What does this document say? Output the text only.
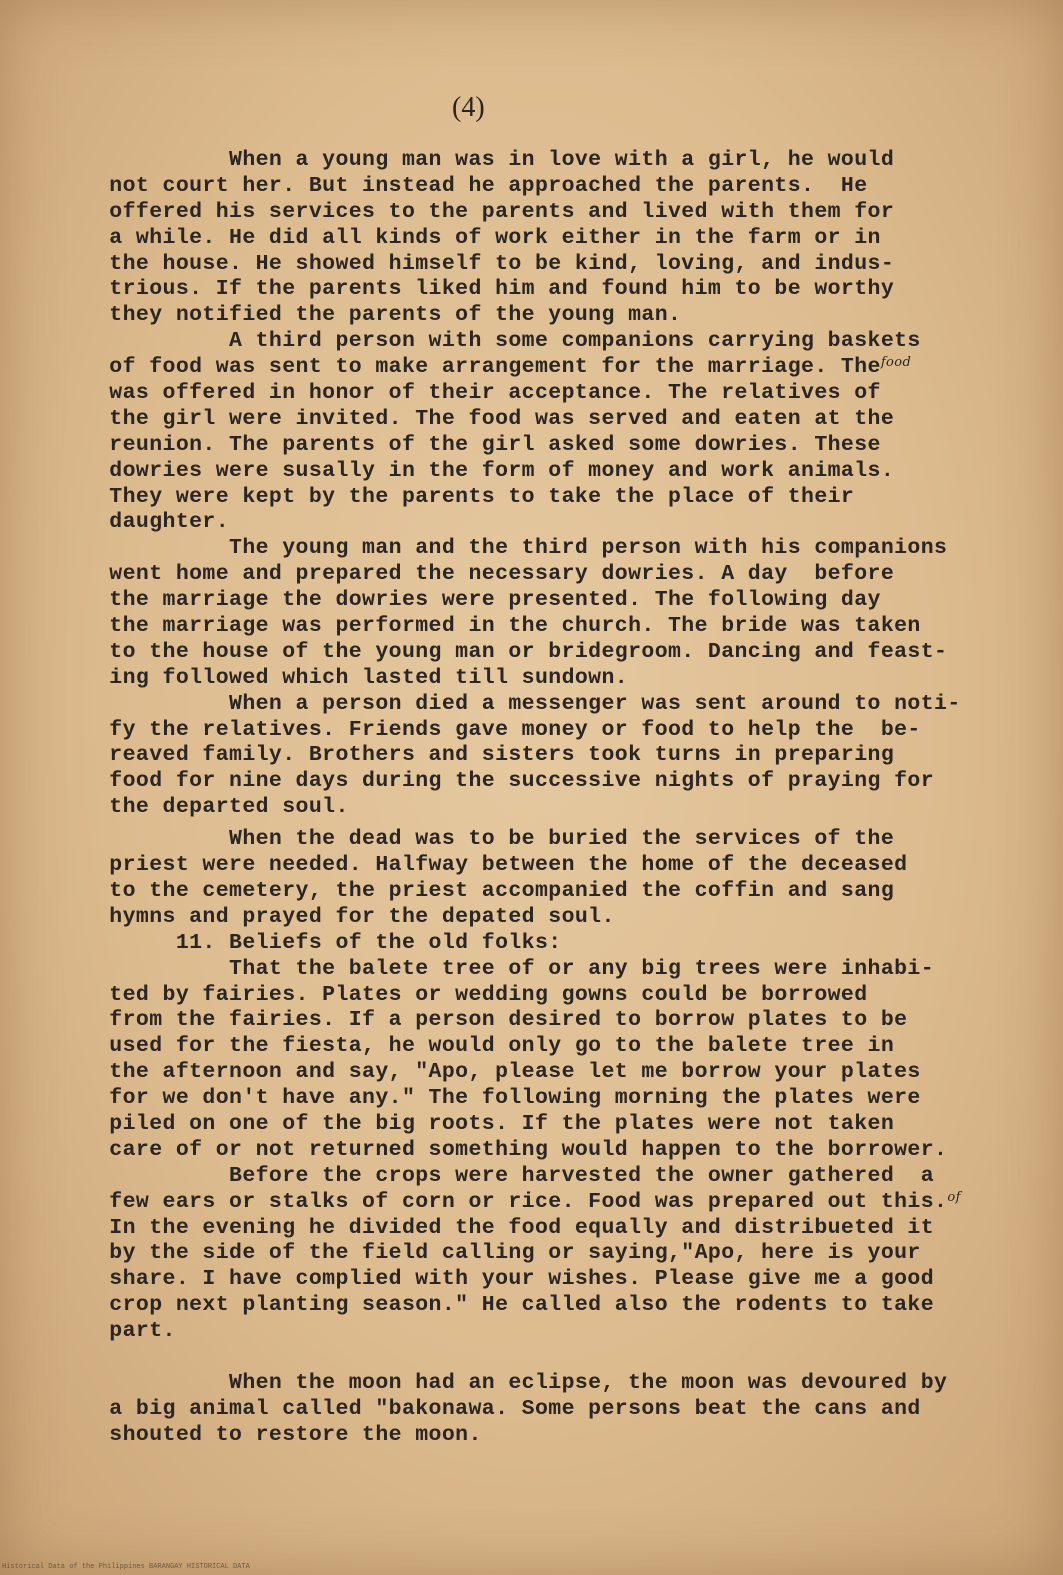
(4)
When a young man was in love with a girl, he would
not court her. But instead he approached the parents.  He
offered his services to the parents and lived with them for
a while. He did all kinds of work either in the farm or in
the house. He showed himself to be kind, loving, and indus-
trious. If the parents liked him and found him to be worthy
they notified the parents of the young man.
A third person with some companions carrying baskets
of food was sent to make arrangement for the marriage. The$^{food}$
was offered in honor of their acceptance. The relatives of
the girl were invited. The food was served and eaten at the
reunion. The parents of the girl asked some dowries. These
dowries were susally in the form of money and work animals.
They were kept by the parents to take the place of their
daughter.
The young man and the third person with his companions
went home and prepared the necessary dowries. A day  before
the marriage the dowries were presented. The following day
the marriage was performed in the church. The bride was taken
to the house of the young man or bridegroom. Dancing and feast-
ing followed which lasted till sundown.
When a person died a messenger was sent around to noti-
fy the relatives. Friends gave money or food to help the  be-
reaved family. Brothers and sisters took turns in preparing
food for nine days during the successive nights of praying for
the departed soul.
When the dead was to be buried the services of the
priest were needed. Halfway between the home of the deceased
to the cemetery, the priest accompanied the coffin and sang
hymns and prayed for the depated soul.
11. Beliefs of the old folks:
That the balete tree of or any big trees were inhabi-
ted by fairies. Plates or wedding gowns could be borrowed
from the fairies. If a person desired to borrow plates to be
used for the fiesta, he would only go to the balete tree in
the afternoon and say, "Apo, please let me borrow your plates
for we don't have any." The following morning the plates were
piled on one of the big roots. If the plates were not taken
care of or not returned something would happen to the borrower.
Before the crops were harvested the owner gathered  a
few ears or stalks of corn or rice. Food was prepared out this.$^{of}$
In the evening he divided the food equally and distribueted it
by the side of the field calling or saying,"Apo, here is your
share. I have complied with your wishes. Please give me a good
crop next planting season." He called also the rodents to take
part.
When the moon had an eclipse, the moon was devoured by
a big animal called "bakonawa. Some persons beat the cans and
shouted to restore the moon.
Historical Data of the Philippines BARANGAY HISTORICAL DATA
